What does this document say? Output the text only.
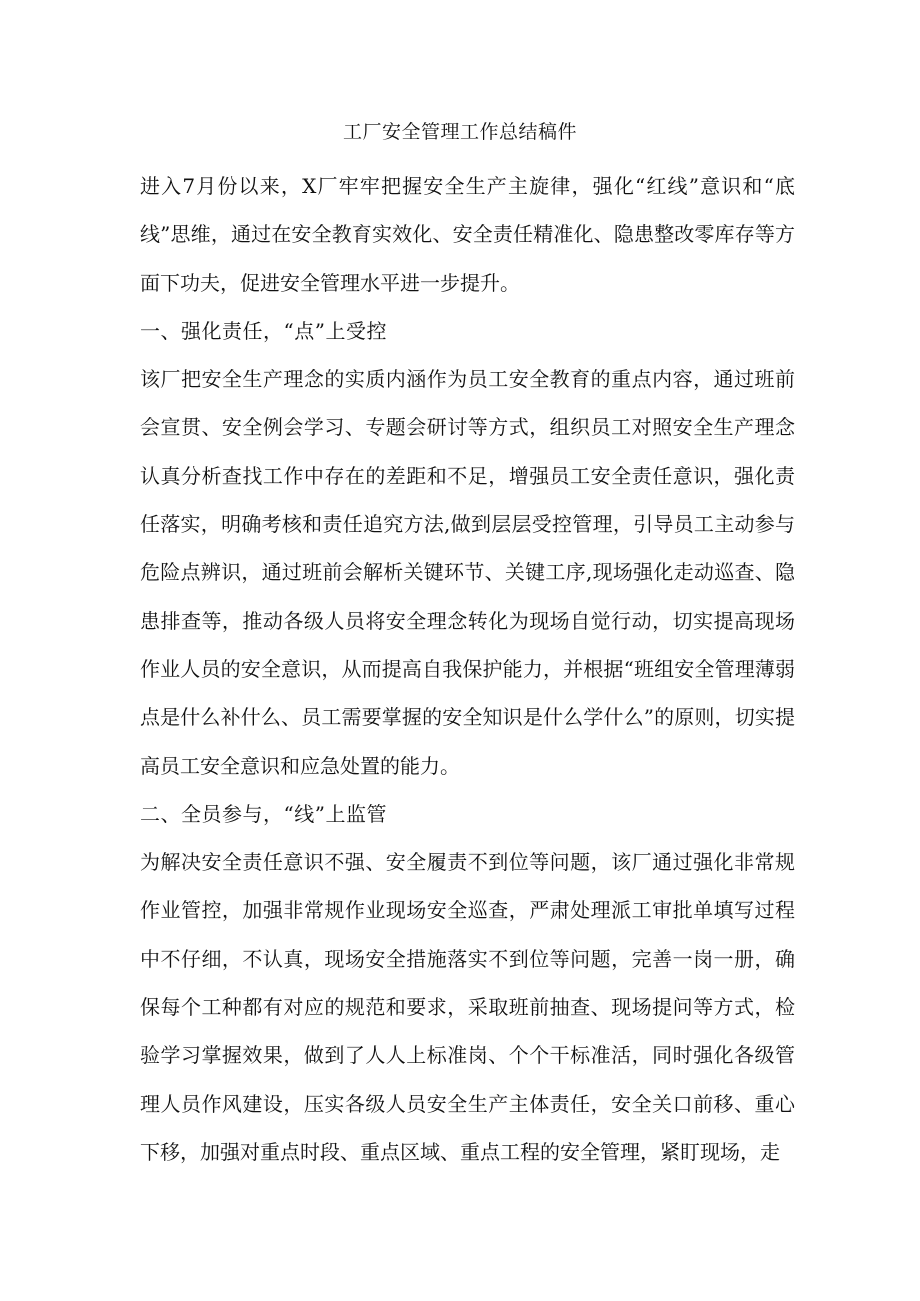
工厂安全管理工作总结稿件

进入7月份以来，X厂牢牢把握安全生产主旋律，强化“红线”意识和“底线”思维，通过在安全教育实效化、安全责任精准化、隐患整改零库存等方面下功夫，促进安全管理水平进一步提升。

一、强化责任，“点”上受控

该厂把安全生产理念的实质内涵作为员工安全教育的重点内容，通过班前会宣贯、安全例会学习、专题会研讨等方式，组织员工对照安全生产理念认真分析查找工作中存在的差距和不足，增强员工安全责任意识，强化责任落实，明确考核和责任追究方法,做到层层受控管理，引导员工主动参与危险点辨识，通过班前会解析关键环节、关键工序,现场强化走动巡查、隐患排查等，推动各级人员将安全理念转化为现场自觉行动，切实提高现场作业人员的安全意识，从而提高自我保护能力，并根据“班组安全管理薄弱点是什么补什么、员工需要掌握的安全知识是什么学什么”的原则，切实提高员工安全意识和应急处置的能力。

二、全员参与，“线”上监管

为解决安全责任意识不强、安全履责不到位等问题，该厂通过强化非常规作业管控，加强非常规作业现场安全巡查，严肃处理派工审批单填写过程中不仔细，不认真，现场安全措施落实不到位等问题，完善一岗一册，确保每个工种都有对应的规范和要求，采取班前抽查、现场提问等方式，检验学习掌握效果，做到了人人上标准岗、个个干标准活，同时强化各级管理人员作风建设，压实各级人员安全生产主体责任，安全关口前移、重心下移，加强对重点时段、重点区域、重点工程的安全管理，紧盯现场，走
